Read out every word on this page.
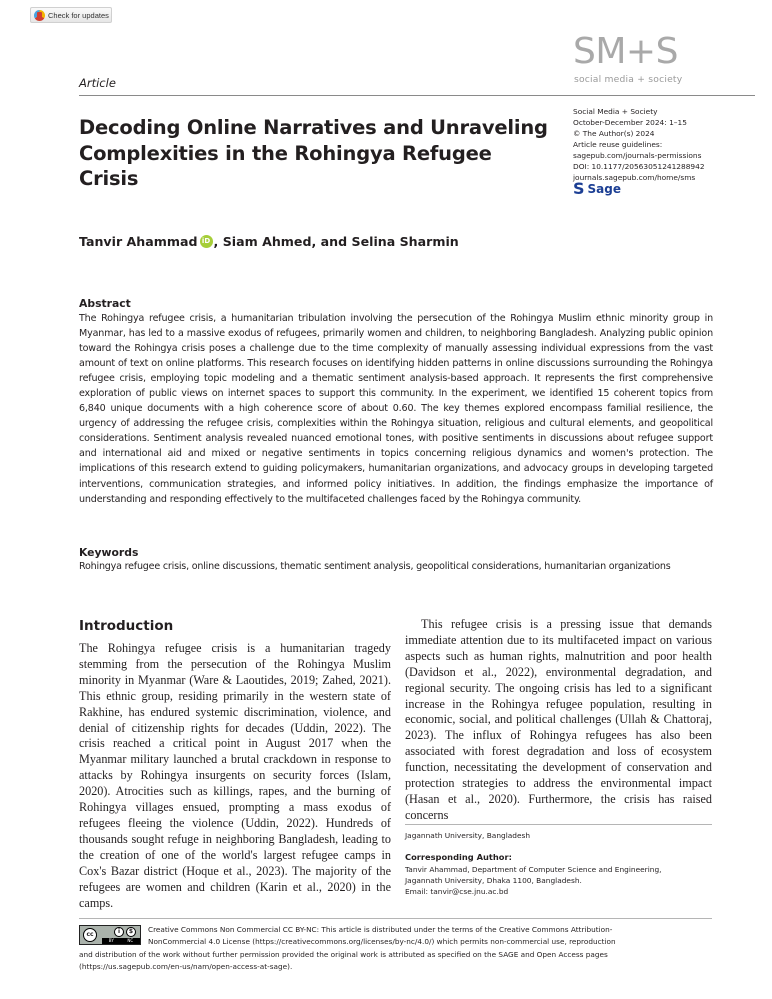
Check for updates
SM+S
social media + society
Article
Social Media + Society
October-December 2024: 1–15
© The Author(s) 2024
Article reuse guidelines:
sagepub.com/journals-permissions
DOI: 10.1177/20563051241288942
journals.sagepub.com/home/sms
S Sage
Decoding Online Narratives and Unraveling Complexities in the Rohingya Refugee Crisis
Tanvir Ahammad iD , Siam Ahmed, and Selina Sharmin
Abstract
The Rohingya refugee crisis, a humanitarian tribulation involving the persecution of the Rohingya Muslim ethnic minority group in Myanmar, has led to a massive exodus of refugees, primarily women and children, to neighboring Bangladesh. Analyzing public opinion toward the Rohingya crisis poses a challenge due to the time complexity of manually assessing individual expressions from the vast amount of text on online platforms. This research focuses on identifying hidden patterns in online discussions surrounding the Rohingya refugee crisis, employing topic modeling and a thematic sentiment analysis-based approach. It represents the first comprehensive exploration of public views on internet spaces to support this community. In the experiment, we identified 15 coherent topics from 6,840 unique documents with a high coherence score of about 0.60. The key themes explored encompass familial resilience, the urgency of addressing the refugee crisis, complexities within the Rohingya situation, religious and cultural elements, and geopolitical considerations. Sentiment analysis revealed nuanced emotional tones, with positive sentiments in discussions about refugee support and international aid and mixed or negative sentiments in topics concerning religious dynamics and women's protection. The implications of this research extend to guiding policymakers, humanitarian organizations, and advocacy groups in developing targeted interventions, communication strategies, and informed policy initiatives. In addition, the findings emphasize the importance of understanding and responding effectively to the multifaceted challenges faced by the Rohingya community.
Keywords
Rohingya refugee crisis, online discussions, thematic sentiment analysis, geopolitical considerations, humanitarian organizations
Introduction
The Rohingya refugee crisis is a humanitarian tragedy stemming from the persecution of the Rohingya Muslim minority in Myanmar (Ware & Laoutides, 2019; Zahed, 2021). This ethnic group, residing primarily in the western state of Rakhine, has endured systemic discrimination, violence, and denial of citizenship rights for decades (Uddin, 2022). The crisis reached a critical point in August 2017 when the Myanmar military launched a brutal crackdown in response to attacks by Rohingya insurgents on security forces (Islam, 2020). Atrocities such as killings, rapes, and the burning of Rohingya villages ensued, prompting a mass exodus of refugees fleeing the violence (Uddin, 2022). Hundreds of thousands sought refuge in neighboring Bangladesh, leading to the creation of one of the world's largest refugee camps in Cox's Bazar district (Hoque et al., 2023). The majority of the refugees are women and children (Karin et al., 2020) in the camps.
This refugee crisis is a pressing issue that demands immediate attention due to its multifaceted impact on various aspects such as human rights, malnutrition and poor health (Davidson et al., 2022), environmental degradation, and regional security. The ongoing crisis has led to a significant increase in the Rohingya refugee population, resulting in economic, social, and political challenges (Ullah & Chattoraj, 2023). The influx of Rohingya refugees has also been associated with forest degradation and loss of ecosystem function, necessitating the development of conservation and protection strategies to address the environmental impact (Hasan et al., 2020). Furthermore, the crisis has raised concerns
Jagannath University, Bangladesh
Corresponding Author:
Tanvir Ahammad, Department of Computer Science and Engineering,
Jagannath University, Dhaka 1100, Bangladesh.
Email: tanvir@cse.jnu.ac.bd
Creative Commons Non Commercial CC BY-NC: This article is distributed under the terms of the Creative Commons Attribution-
NonCommercial 4.0 License (https://creativecommons.org/licenses/by-nc/4.0/) which permits non-commercial use, reproduction
and distribution of the work without further permission provided the original work is attributed as specified on the SAGE and Open Access pages
(https://us.sagepub.com/en-us/nam/open-access-at-sage).
cc	i	$
BY	NC
